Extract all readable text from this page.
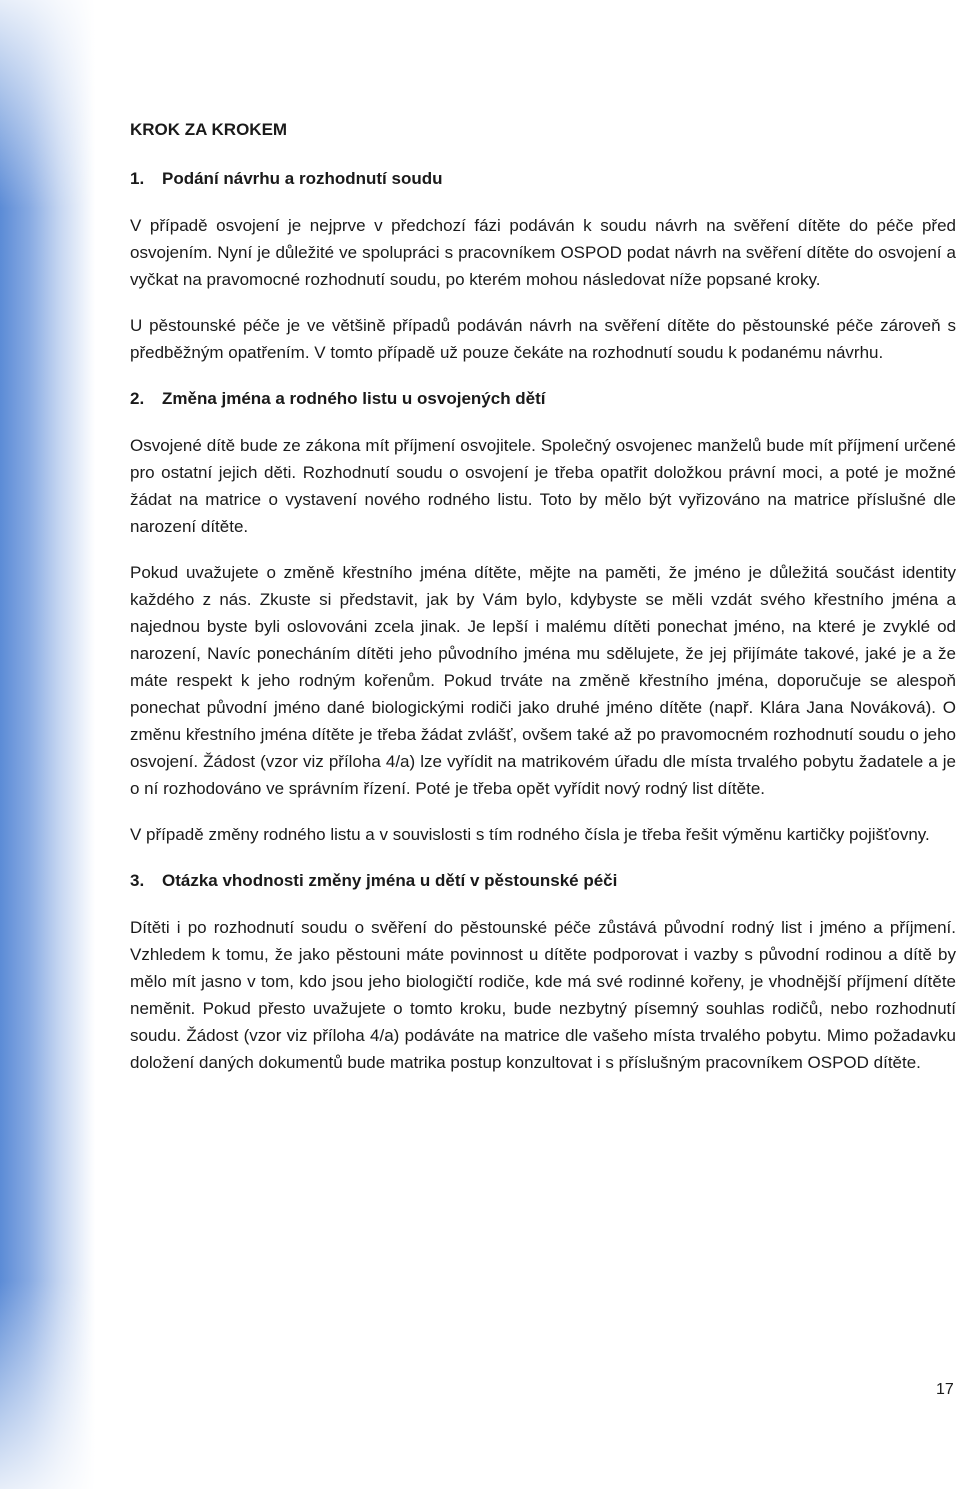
KROK ZA KROKEM
1. Podání návrhu a rozhodnutí soudu

V případě osvojení je nejprve v předchozí fázi podáván k soudu návrh na svěření dítěte do péče před osvojením. Nyní je důležité ve spolupráci s pracovníkem OSPOD podat návrh na svěření dítěte do osvojení a vyčkat na pravomocné rozhodnutí soudu, po kterém mohou následovat níže popsané kroky.

U pěstounské péče je ve většině případů podáván návrh na svěření dítěte do pěstounské péče zároveň s předběžným opatřením. V tomto případě už pouze čekáte na rozhodnutí soudu k podanému návrhu.

2. Změna jména a rodného listu u osvojených dětí

Osvojené dítě bude ze zákona mít příjmení osvojitele. Společný osvojenec manželů bude mít příjmení určené pro ostatní jejich děti. Rozhodnutí soudu o osvojení je třeba opatřit doložkou právní moci, a poté je možné žádat na matrice o vystavení nového rodného listu. Toto by mělo být vyřizováno na matrice příslušné dle narození dítěte.

Pokud uvažujete o změně křestního jména dítěte, mějte na paměti, že jméno je důležitá součást identity každého z nás. Zkuste si představit, jak by Vám bylo, kdybyste se měli vzdát svého křestního jména a najednou byste byli oslovováni zcela jinak. Je lepší i malému dítěti ponechat jméno, na které je zvyklé od narození, Navíc ponecháním dítěti jeho původního jména mu sdělujete, že jej přijímáte takové, jaké je a že máte respekt k jeho rodným kořenům. Pokud trváte na změně křestního jména, doporučuje se alespoň ponechat původní jméno dané biologickými rodiči jako druhé jméno dítěte (např. Klára Jana Nováková). O změnu křestního jména dítěte je třeba žádat zvlášť, ovšem také až po pravomocném rozhodnutí soudu o jeho osvojení. Žádost (vzor viz příloha 4/a) lze vyřídit na matrikovém úřadu dle místa trvalého pobytu žadatele a je o ní rozhodováno ve správním řízení. Poté je třeba opět vyřídit nový rodný list dítěte.

V případě změny rodného listu a v souvislosti s tím rodného čísla je třeba řešit výměnu kartičky pojišťovny.

3. Otázka vhodnosti změny jména u dětí v pěstounské péči

Dítěti i po rozhodnutí soudu o svěření do pěstounské péče zůstává původní rodný list i jméno a příjmení. Vzhledem k tomu, že jako pěstouni máte povinnost u dítěte podporovat i vazby s původní rodinou a dítě by mělo mít jasno v tom, kdo jsou jeho biologičtí rodiče, kde má své rodinné kořeny, je vhodnější příjmení dítěte neměnit. Pokud přesto uvažujete o tomto kroku, bude nezbytný písemný souhlas rodičů, nebo rozhodnutí soudu. Žádost (vzor viz příloha 4/a) podáváte na matrice dle vašeho místa trvalého pobytu. Mimo požadavku doložení daných dokumentů bude matrika postup konzultovat i s příslušným pracovníkem OSPOD dítěte.

17
